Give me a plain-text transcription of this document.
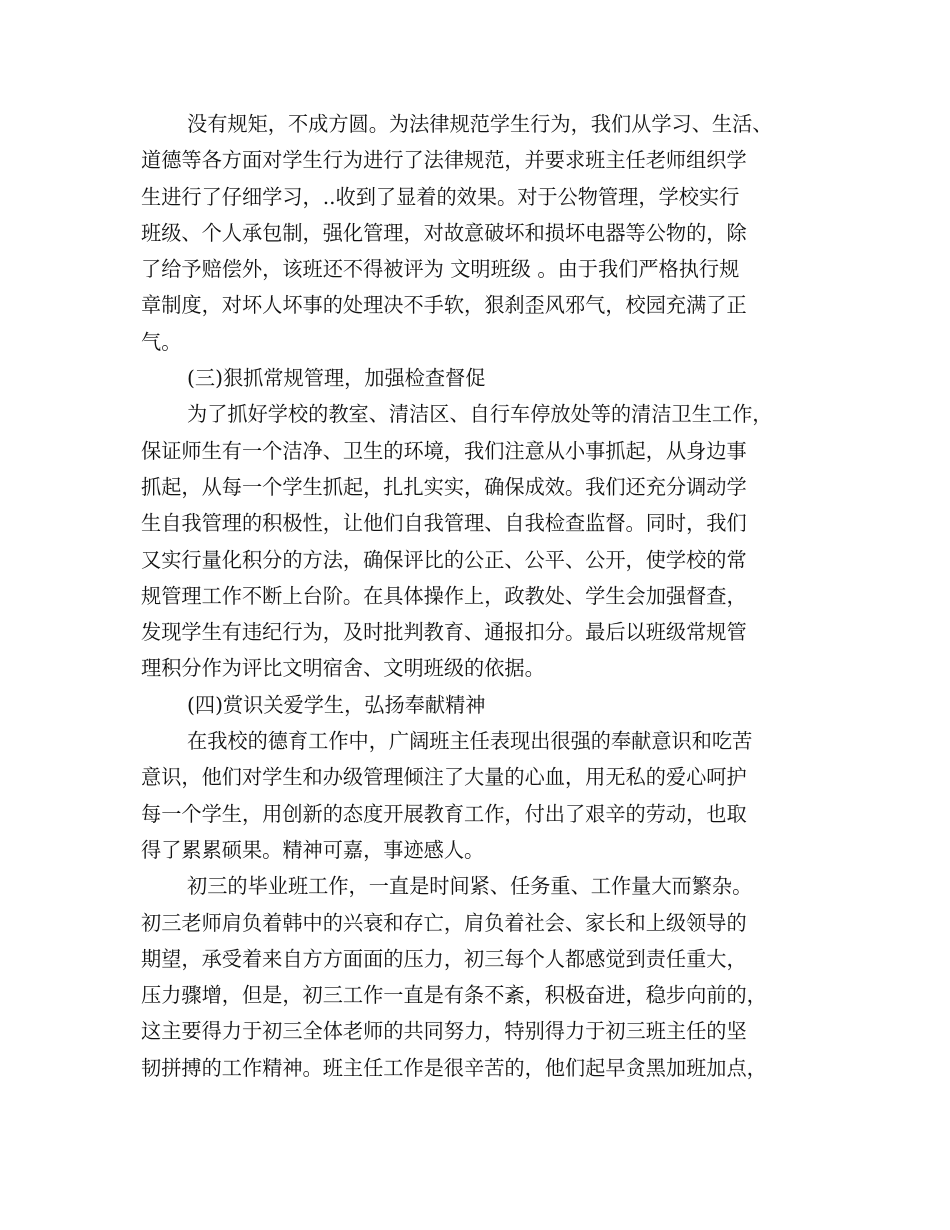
没有规矩，不成方圆。为法律规范学生行为，我们从学习、生活、
道德等各方面对学生行为进行了法律规范，并要求班主任老师组织学
生进行了仔细学习，..收到了显着的效果。对于公物管理，学校实行
班级、个人承包制，强化管理，对故意破坏和损坏电器等公物的，除
了给予赔偿外，该班还不得被评为 文明班级 。由于我们严格执行规
章制度，对坏人坏事的处理决不手软，狠刹歪风邪气，校园充满了正
气。
(三)狠抓常规管理，加强检查督促
为了抓好学校的教室、清洁区、自行车停放处等的清洁卫生工作，
保证师生有一个洁净、卫生的环境，我们注意从小事抓起，从身边事
抓起，从每一个学生抓起，扎扎实实，确保成效。我们还充分调动学
生自我管理的积极性，让他们自我管理、自我检查监督。同时，我们
又实行量化积分的方法，确保评比的公正、公平、公开，使学校的常
规管理工作不断上台阶。在具体操作上，政教处、学生会加强督查，
发现学生有违纪行为，及时批判教育、通报扣分。最后以班级常规管
理积分作为评比文明宿舍、文明班级的依据。
(四)赏识关爱学生，弘扬奉献精神
在我校的德育工作中，广阔班主任表现出很强的奉献意识和吃苦
意识，他们对学生和办级管理倾注了大量的心血，用无私的爱心呵护
每一个学生，用创新的态度开展教育工作，付出了艰辛的劳动，也取
得了累累硕果。精神可嘉，事迹感人。
初三的毕业班工作，一直是时间紧、任务重、工作量大而繁杂。
初三老师肩负着韩中的兴衰和存亡，肩负着社会、家长和上级领导的
期望，承受着来自方方面面的压力，初三每个人都感觉到责任重大，
压力骤增，但是，初三工作一直是有条不紊，积极奋进，稳步向前的，
这主要得力于初三全体老师的共同努力，特别得力于初三班主任的坚
韧拼搏的工作精神。班主任工作是很辛苦的，他们起早贪黑加班加点，
